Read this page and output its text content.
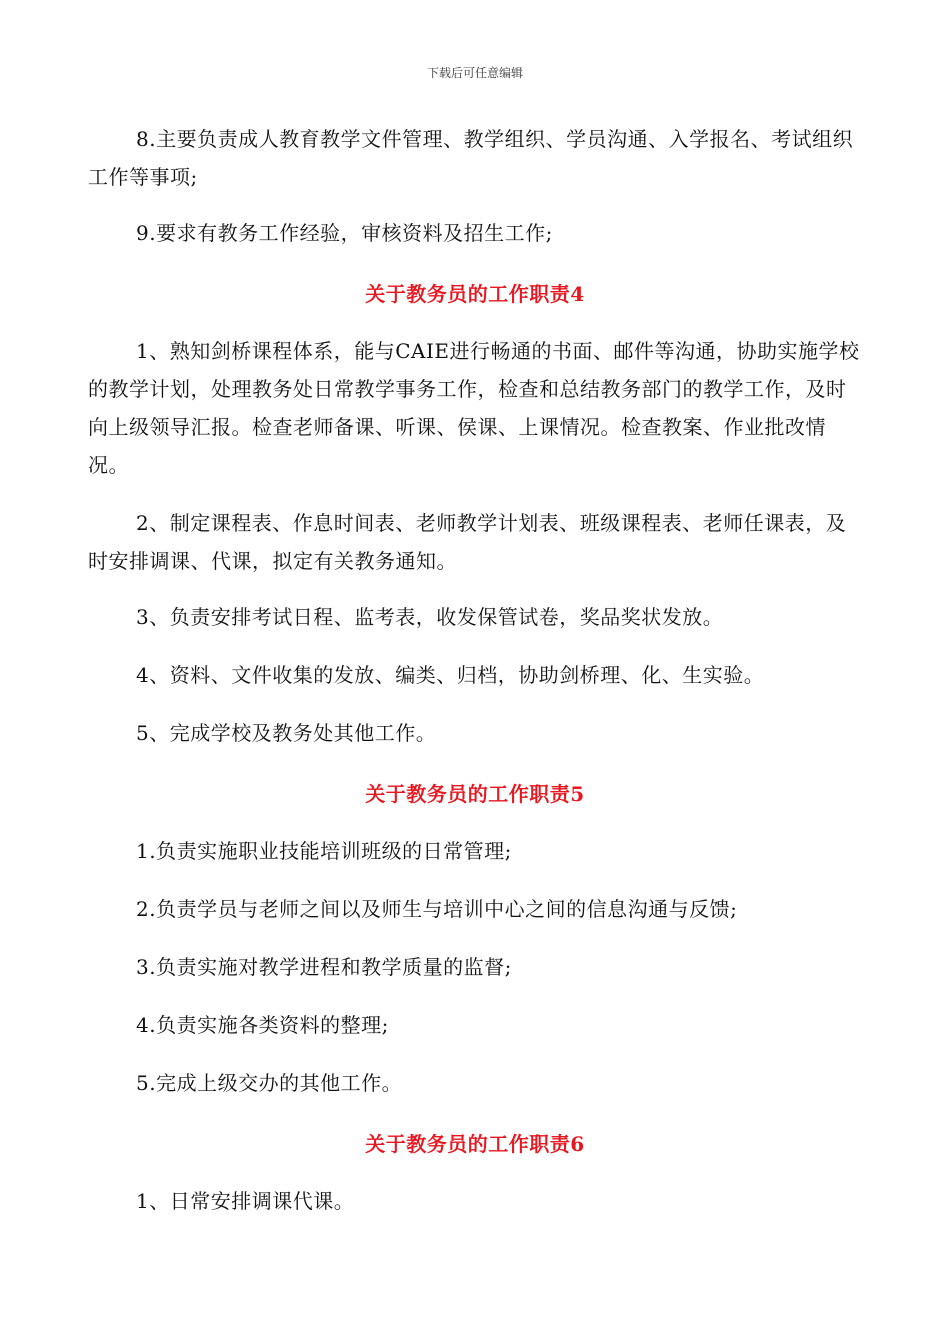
下载后可任意编辑

8.主要负责成人教育教学文件管理、教学组织、学员沟通、入学报名、考试组织工作等事项;

9.要求有教务工作经验，审核资料及招生工作;

关于教务员的工作职责4

1、熟知剑桥课程体系，能与CAIE进行畅通的书面、邮件等沟通，协助实施学校的教学计划，处理教务处日常教学事务工作，检查和总结教务部门的教学工作，及时向上级领导汇报。检查老师备课、听课、侯课、上课情况。检查教案、作业批改情况。

2、制定课程表、作息时间表、老师教学计划表、班级课程表、老师任课表，及时安排调课、代课，拟定有关教务通知。

3、负责安排考试日程、监考表，收发保管试卷，奖品奖状发放。

4、资料、文件收集的发放、编类、归档，协助剑桥理、化、生实验。

5、完成学校及教务处其他工作。

关于教务员的工作职责5

1.负责实施职业技能培训班级的日常管理;

2.负责学员与老师之间以及师生与培训中心之间的信息沟通与反馈;

3.负责实施对教学进程和教学质量的监督;

4.负责实施各类资料的整理;

5.完成上级交办的其他工作。

关于教务员的工作职责6

1、日常安排调课代课。
